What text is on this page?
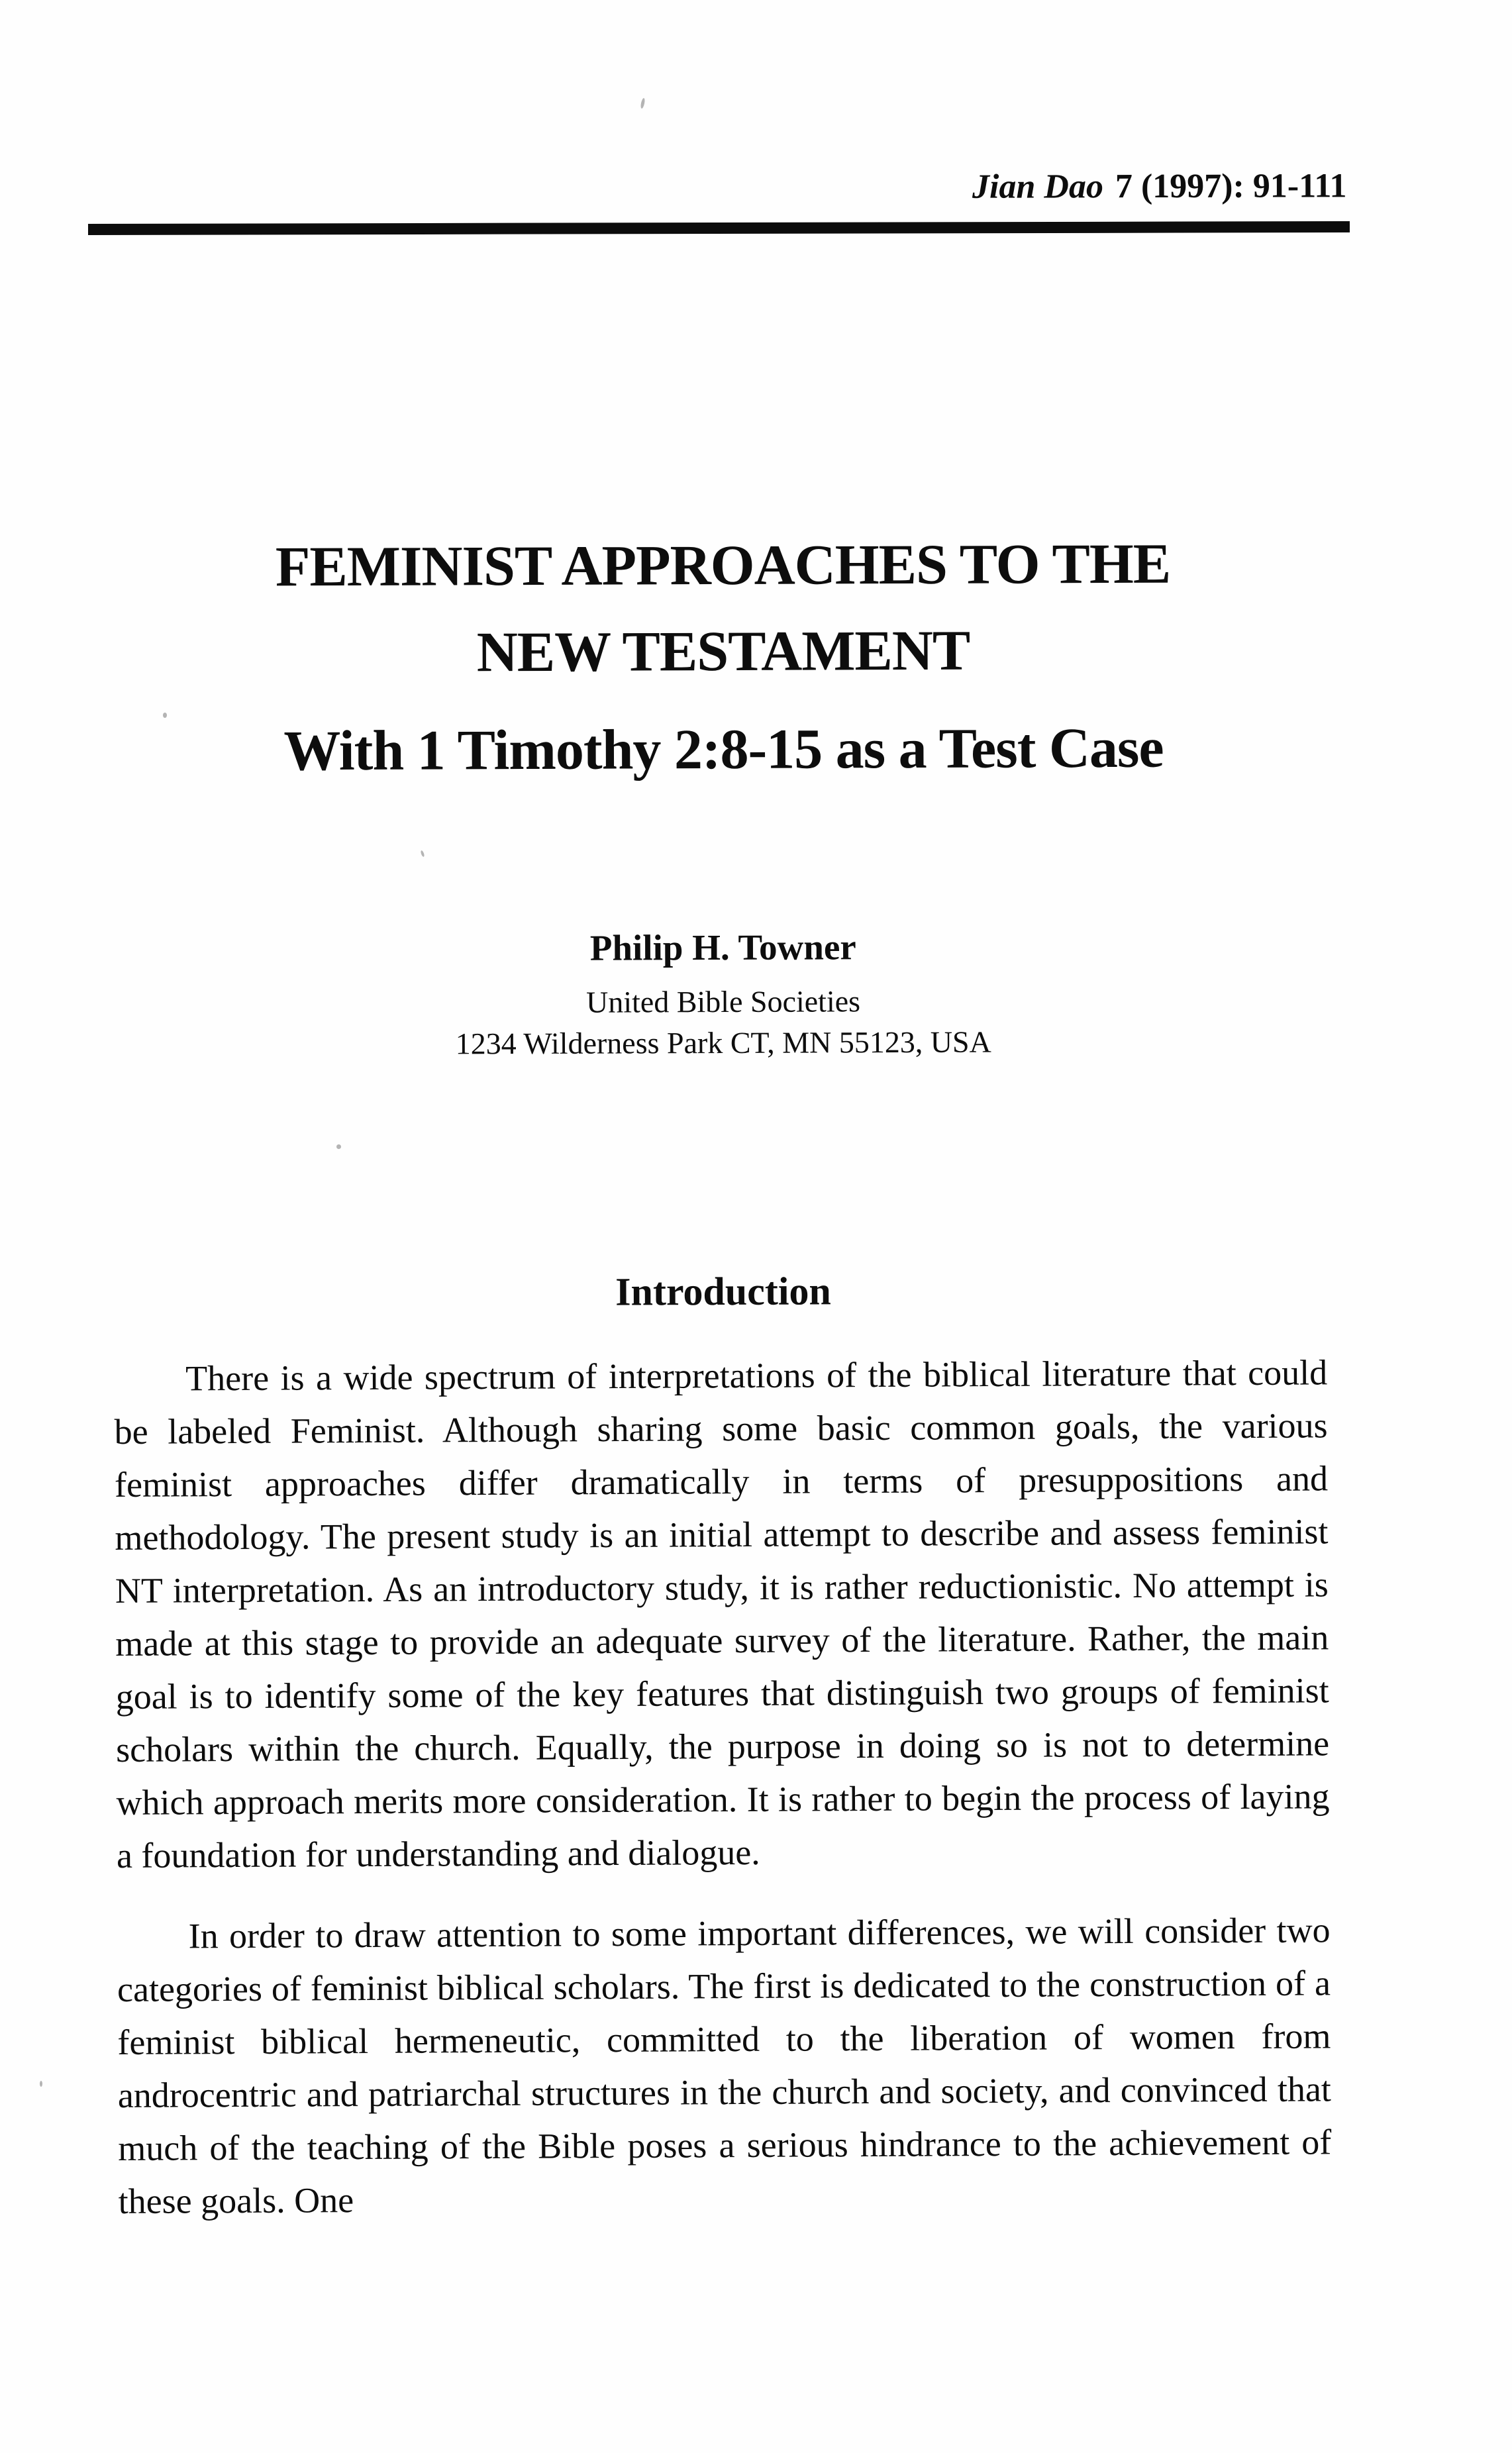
Jian Dao 7 (1997): 91-111
FEMINIST APPROACHES TO THE
NEW TESTAMENT
With 1 Timothy 2:8-15 as a Test Case
Philip H. Towner
United Bible Societies
1234 Wilderness Park CT, MN 55123, USA
Introduction

There is a wide spectrum of interpretations of the biblical literature that could be labeled Feminist. Although sharing some basic common goals, the various feminist approaches differ dramatically in terms of presuppositions and methodology. The present study is an initial attempt to describe and assess feminist NT interpretation. As an introductory study, it is rather reductionistic. No attempt is made at this stage to provide an adequate survey of the literature. Rather, the main goal is to identify some of the key features that distinguish two groups of feminist scholars within the church. Equally, the purpose in doing so is not to determine which approach merits more consideration. It is rather to begin the process of laying a foundation for understanding and dialogue.

In order to draw attention to some important differences, we will consider two categories of feminist biblical scholars. The first is dedicated to the construction of a feminist biblical hermeneutic, committed to the liberation of women from androcentric and patriarchal structures in the church and society, and convinced that much of the teaching of the Bible poses a serious hindrance to the achievement of these goals. One
